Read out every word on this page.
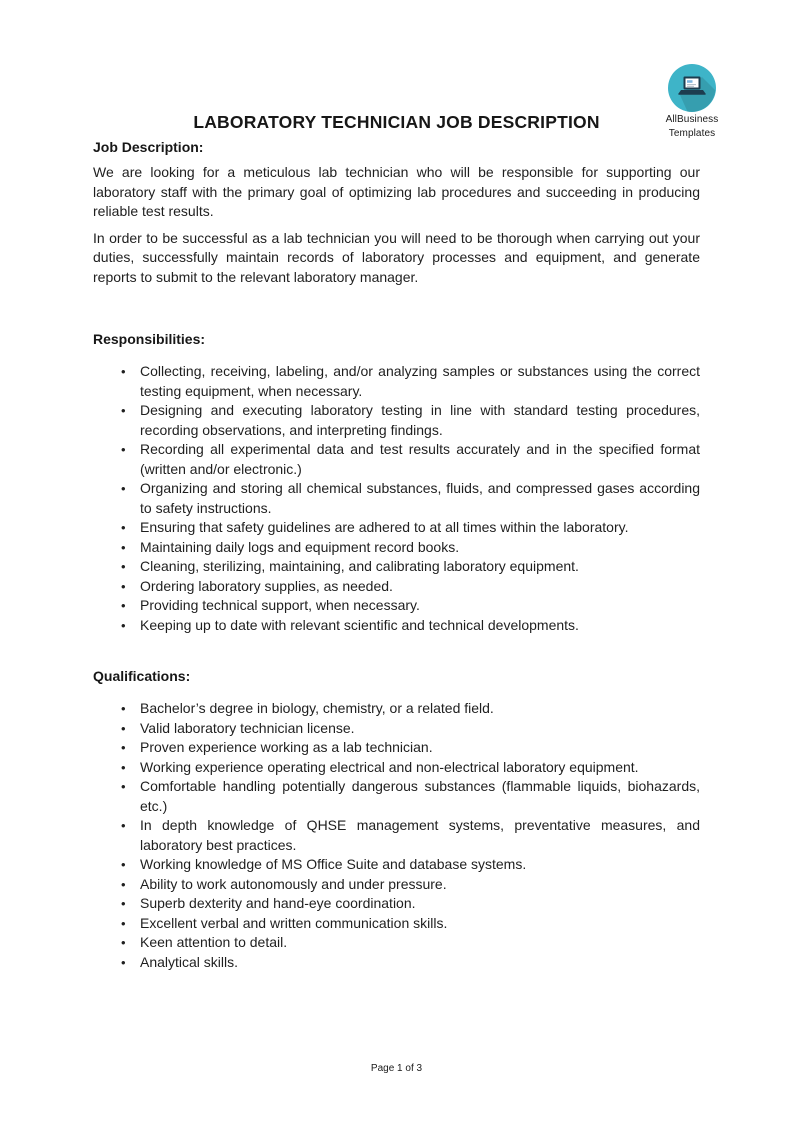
AllBusiness
Templates
LABORATORY TECHNICIAN JOB DESCRIPTION
Job Description:

We are looking for a meticulous lab technician who will be responsible for supporting our laboratory staff with the primary goal of optimizing lab procedures and succeeding in producing reliable test results.

In order to be successful as a lab technician you will need to be thorough when carrying out your duties, successfully maintain records of laboratory processes and equipment, and generate reports to submit to the relevant laboratory manager.

Responsibilities:
• Collecting, receiving, labeling, and/or analyzing samples or substances using the correct testing equipment, when necessary.
• Designing and executing laboratory testing in line with standard testing procedures, recording observations, and interpreting findings.
• Recording all experimental data and test results accurately and in the specified format (written and/or electronic.)
• Organizing and storing all chemical substances, fluids, and compressed gases according to safety instructions.
• Ensuring that safety guidelines are adhered to at all times within the laboratory.
• Maintaining daily logs and equipment record books.
• Cleaning, sterilizing, maintaining, and calibrating laboratory equipment.
• Ordering laboratory supplies, as needed.
• Providing technical support, when necessary.
• Keeping up to date with relevant scientific and technical developments.
Qualifications:
• Bachelor’s degree in biology, chemistry, or a related field.
• Valid laboratory technician license.
• Proven experience working as a lab technician.
• Working experience operating electrical and non-electrical laboratory equipment.
• Comfortable handling potentially dangerous substances (flammable liquids, biohazards, etc.)
• In depth knowledge of QHSE management systems, preventative measures, and laboratory best practices.
• Working knowledge of MS Office Suite and database systems.
• Ability to work autonomously and under pressure.
• Superb dexterity and hand-eye coordination.
• Excellent verbal and written communication skills.
• Keen attention to detail.
• Analytical skills.
Page 1 of 3
